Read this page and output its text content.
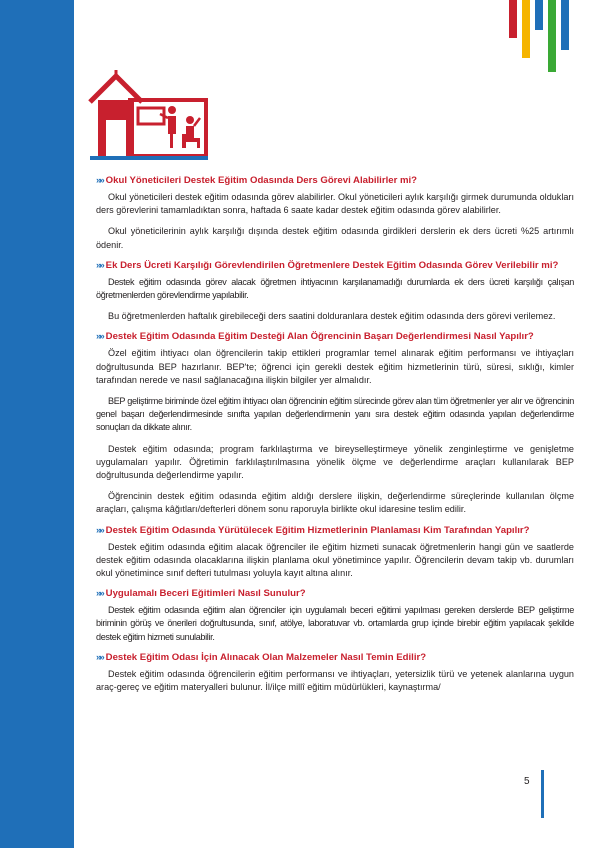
»» Okul Yöneticileri Destek Eğitim Odasında Ders Görevi Alabilirler mi?

Okul yöneticileri destek eğitim odasında görev alabilirler. Okul yöneticileri aylık karşılığı girmek durumunda oldukları ders görevlerini tamamladıktan sonra, haftada 6 saate kadar destek eğitim odasında görev alabilirler.

Okul yöneticilerinin aylık karşılığı dışında destek eğitim odasında girdikleri derslerin ek ders ücreti %25 artırımlı ödenir.

»» Ek Ders Ücreti Karşılığı Görevlendirilen Öğretmenlere Destek Eğitim Odasında Görev Verilebilir mi?

Destek eğitim odasında görev alacak öğretmen ihtiyacının karşılanamadığı durumlarda ek ders ücreti karşılığı çalışan öğretmenlerden görevlendirme yapılabilir.

Bu öğretmenlerden haftalık girebileceği ders saatini dolduranlara destek eğitim odasında ders görevi verilemez.

»» Destek Eğitim Odasında Eğitim Desteği Alan Öğrencinin Başarı Değerlendirmesi Nasıl Yapılır?

Özel eğitim ihtiyacı olan öğrencilerin takip ettikleri programlar temel alınarak eğitim performansı ve ihtiyaçları doğrultusunda BEP hazırlanır. BEP'te; öğrenci için gerekli destek eğitim hizmetlerinin türü, süresi, sıklığı, kimler tarafından nerede ve nasıl sağlanacağına ilişkin bilgiler yer almalıdır.

BEP geliştirme biriminde özel eğitim ihtiyacı olan öğrencinin eğitim sürecinde görev alan tüm öğretmenler yer alır ve öğrencinin genel başarı değerlendirmesinde sınıfta yapılan değerlendirmenin yanı sıra destek eğitim odasında yapılan değerlendirme sonuçları da dikkate alınır.

Destek eğitim odasında; program farklılaştırma ve bireyselleştirmeye yönelik zenginleştirme ve genişletme uygulamaları yapılır. Öğretimin farklılaştırılmasına yönelik ölçme ve değerlendirme araçları kullanılarak BEP doğrultusunda değerlendirme yapılır.

Öğrencinin destek eğitim odasında eğitim aldığı derslere ilişkin, değerlendirme süreçlerinde kullanılan ölçme araçları, çalışma kâğıtları/defterleri dönem sonu raporuyla birlikte okul idaresine teslim edilir.

»» Destek Eğitim Odasında Yürütülecek Eğitim Hizmetlerinin Planlaması Kim Tarafından Yapılır?

Destek eğitim odasında eğitim alacak öğrenciler ile eğitim hizmeti sunacak öğretmenlerin hangi gün ve saatlerde destek eğitim odasında olacaklarına ilişkin planlama okul yönetimince yapılır. Öğrencilerin devam takip vb. durumları okul yönetimince sınıf defteri tutulması yoluyla kayıt altına alınır.

»» Uygulamalı Beceri Eğitimleri Nasıl Sunulur?

Destek eğitim odasında eğitim alan öğrenciler için uygulamalı beceri eğitimi yapılması gereken derslerde BEP geliştirme biriminin görüş ve önerileri doğrultusunda, sınıf, atölye, laboratuvar vb. ortamlarda grup içinde birebir eğitim yapılacak şekilde destek eğitim hizmeti sunulabilir.

»» Destek Eğitim Odası İçin Alınacak Olan Malzemeler Nasıl Temin Edilir?

Destek eğitim odasında öğrencilerin eğitim performansı ve ihtiyaçları, yetersizlik türü ve yetenek alanlarına uygun araç-gereç ve eğitim materyalleri bulunur. İl/ilçe millî eğitim müdürlükleri, kaynaştırma/

5
